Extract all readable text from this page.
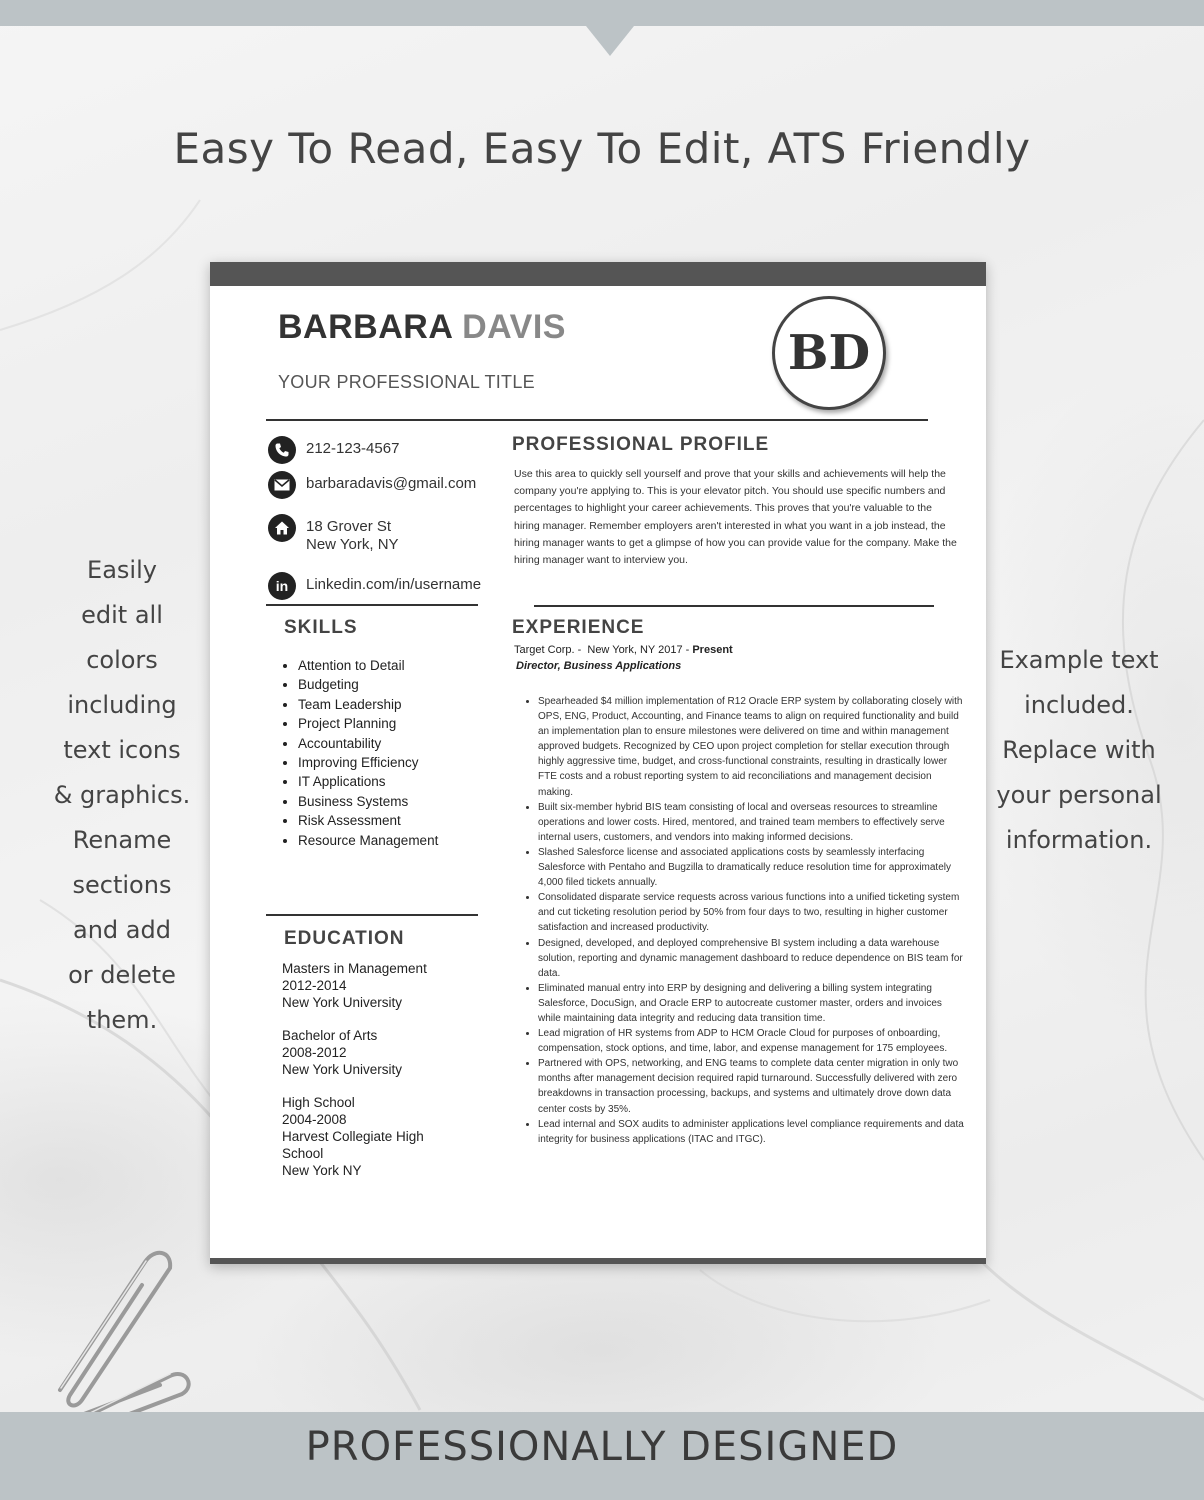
Easy To Read, Easy To Edit, ATS Friendly
Easily
edit all
colors
including
text icons
& graphics.
Rename
sections
and add
or delete
them.
Example text
included.
Replace with
your personal
information.
BARBARA DAVIS
YOUR PROFESSIONAL TITLE
BD
212-123-4567
barbaradavis@gmail.com
18 Grover St
New York, NY
in	Linkedin.com/in/username
SKILLS
• Attention to Detail
• Budgeting
• Team Leadership
• Project Planning
• Accountability
• Improving Efficiency
• IT Applications
• Business Systems
• Risk Assessment
• Resource Management
EDUCATION
Masters in Management
2012-2014
New York University
Bachelor of Arts
2008-2012
New York University
High School
2004-2008
Harvest Collegiate High School
New York NY
PROFESSIONAL PROFILE
Use this area to quickly sell yourself and prove that your skills and achievements will help the company you're applying to. This is your elevator pitch. You should use specific numbers and percentages to highlight your career achievements. This proves that you're valuable to the hiring manager. Remember employers aren't interested in what you want in a job instead, the hiring manager wants to get a glimpse of how you can provide value for the company. Make the hiring manager want to interview you.
EXPERIENCE
Target Corp. -  New York, NY 2017 - Present
Director, Business Applications
• Spearheaded $4 million implementation of R12 Oracle ERP system by collaborating closely with OPS, ENG, Product, Accounting, and Finance teams to align on required functionality and build an implementation plan to ensure milestones were delivered on time and within management approved budgets. Recognized by CEO upon project completion for stellar execution through highly aggressive time, budget, and cross-functional constraints, resulting in drastically lower FTE costs and a robust reporting system to aid reconciliations and management decision making.
• Built six-member hybrid BIS team consisting of local and overseas resources to streamline operations and lower costs. Hired, mentored, and trained team members to effectively serve internal users, customers, and vendors into making informed decisions.
• Slashed Salesforce license and associated applications costs by seamlessly interfacing Salesforce with Pentaho and Bugzilla to dramatically reduce resolution time for approximately 4,000 filed tickets annually.
• Consolidated disparate service requests across various functions into a unified ticketing system and cut ticketing resolution period by 50% from four days to two, resulting in higher customer satisfaction and increased productivity.
• Designed, developed, and deployed comprehensive BI system including a data warehouse solution, reporting and dynamic management dashboard to reduce dependence on BIS team for data.
• Eliminated manual entry into ERP by designing and delivering a billing system integrating Salesforce, DocuSign, and Oracle ERP to autocreate customer master, orders and invoices while maintaining data integrity and reducing data transition time.
• Lead migration of HR systems from ADP to HCM Oracle Cloud for purposes of onboarding, compensation, stock options, and time, labor, and expense management for 175 employees.
• Partnered with OPS, networking, and ENG teams to complete data center migration in only two months after management decision required rapid turnaround. Successfully delivered with zero breakdowns in transaction processing, backups, and systems and ultimately drove down data center costs by 35%.
• Lead internal and SOX audits to administer applications level compliance requirements and data integrity for business applications (ITAC and ITGC).
PROFESSIONALLY DESIGNED
